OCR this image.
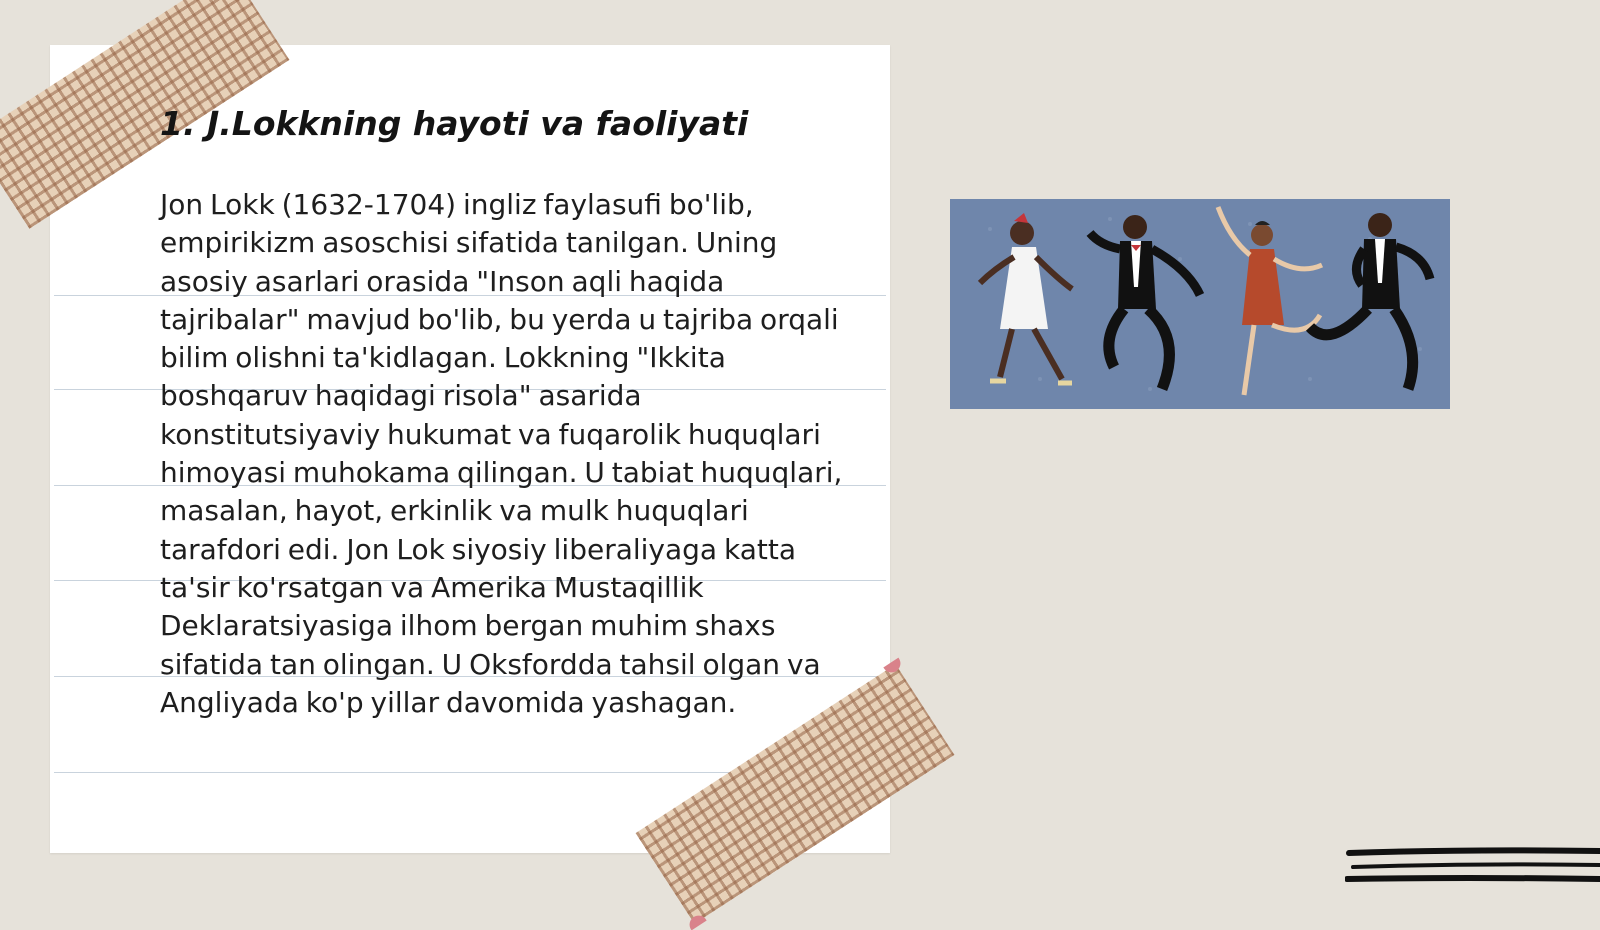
1. J.Lokkning hayoti va faoliyati

Jon Lokk (1632-1704) ingliz faylasufi bo'lib, empirikizm asoschisi sifatida tanilgan. Uning asosiy asarlari orasida "Inson aqli haqida tajribalar" mavjud bo'lib, bu yerda u tajriba orqali bilim olishni ta'kidlagan. Lokkning "Ikkita boshqaruv haqidagi risola" asarida konstitutsiyaviy hukumat va fuqarolik huquqlari himoyasi muhokama qilingan. U tabiat huquqlari, masalan, hayot, erkinlik va mulk huquqlari tarafdori edi. Jon Lok siyosiy liberaliyaga katta ta'sir ko'rsatgan va Amerika Mustaqillik Deklaratsiyasiga ilhom bergan muhim shaxs sifatida tan olingan. U Oksfordda tahsil olgan va Angliyada ko'p yillar davomida yashagan.
